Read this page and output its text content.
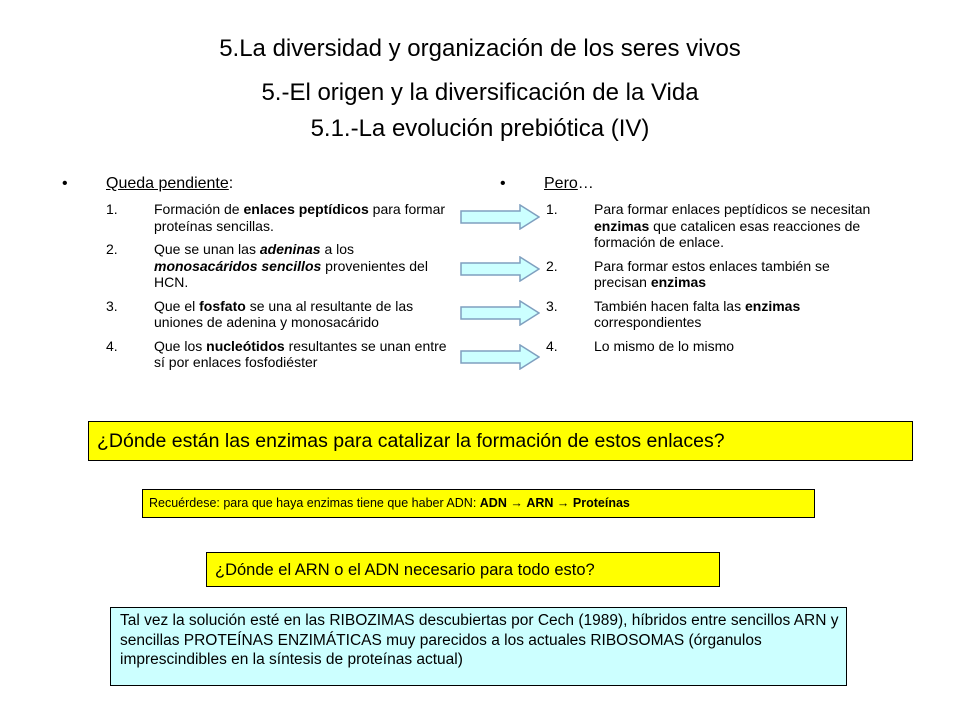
5.La diversidad y organización de los seres vivos
5.-El origen y la diversificación de la Vida
5.1.-La evolución prebiótica (IV)
• Queda pendiente:
1.	Formación de enlaces peptídicos para formar proteínas sencillas.
2.	Que se unan las adeninas a los monosacáridos sencillos provenientes del HCN.
3.	Que el fosfato se una al resultante de las uniones de adenina y monosacárido
4.	Que los nucleótidos resultantes se unan entre sí por enlaces fosfodiéster
• Pero…
1.	Para formar enlaces peptídicos se necesitan enzimas que catalicen esas reacciones de formación de enlace.
2.	Para formar estos enlaces también se precisan enzimas
3.	También hacen falta las enzimas correspondientes
4.	Lo mismo de lo mismo
¿Dónde están las enzimas para catalizar la formación de estos enlaces?
Recuérdese: para que haya enzimas tiene que haber ADN: ADN → ARN → Proteínas
¿Dónde el ARN o el ADN necesario para todo esto?
Tal vez la solución esté en las RIBOZIMAS descubiertas por Cech (1989), híbridos entre sencillos ARN y sencillas PROTEÍNAS ENZIMÁTICAS muy parecidos a los actuales RIBOSOMAS (órganulos imprescindibles en la síntesis de proteínas actual)
